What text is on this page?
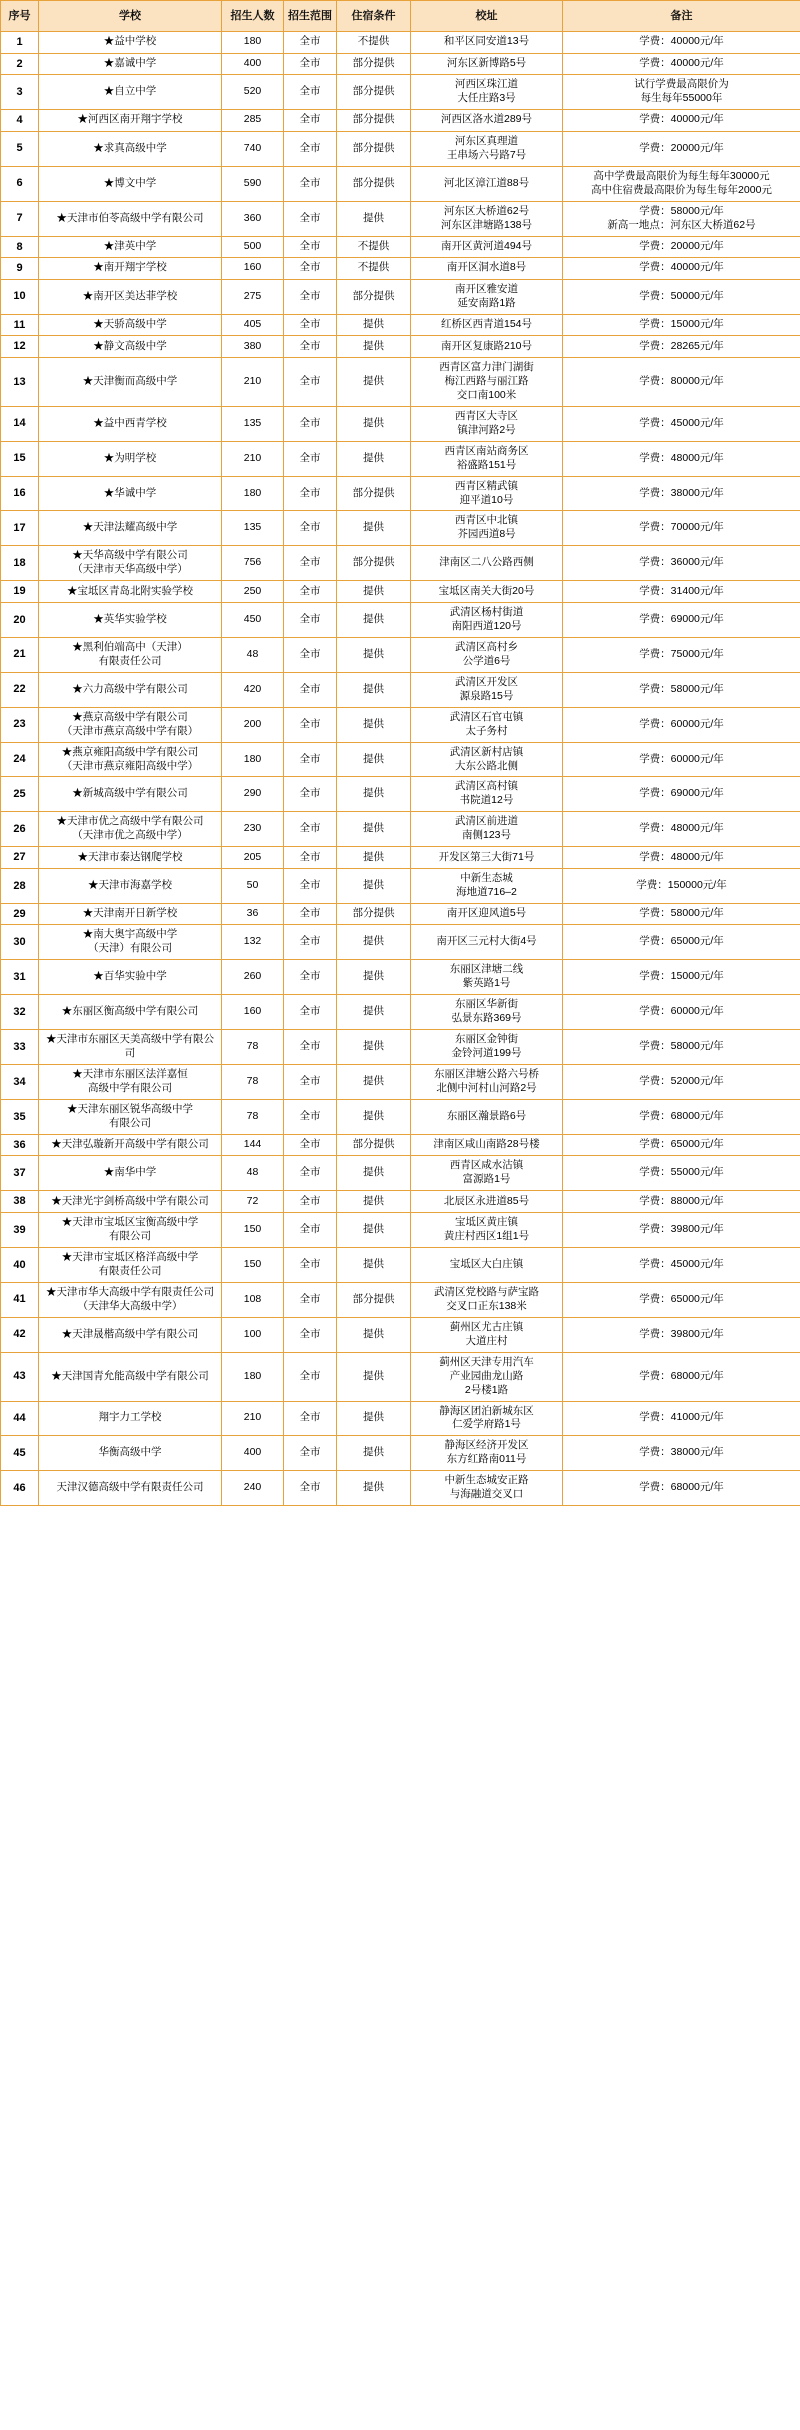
序号	学校	招生人数	招生范围	住宿条件	校址	备注
1	★益中学校	180	全市	不提供	和平区同安道13号	学费：40000元/年
2	★嘉诚中学	400	全市	部分提供	河东区新博路5号	学费：40000元/年
3	★自立中学	520	全市	部分提供	河西区珠江道
大任庄路3号	试行学费最高限价为
每生每年55000年
4	★河西区南开翔宇学校	285	全市	部分提供	河西区洛水道289号	学费：40000元/年
5	★求真高级中学	740	全市	部分提供	河东区真理道
王串场六号路7号	学费：20000元/年
6	★博文中学	590	全市	部分提供	河北区漳江道88号	高中学费最高限价为每生每年30000元
高中住宿费最高限价为每生每年2000元
7	★天津市伯苓高级中学有限公司	360	全市	提供	河东区大桥道62号
河东区津塘路138号	学费：58000元/年
新高一地点：河东区大桥道62号
8	★津英中学	500	全市	不提供	南开区黄河道494号	学费：20000元/年
9	★南开翔宇学校	160	全市	不提供	南开区洞水道8号	学费：40000元/年
10	★南开区美达菲学校	275	全市	部分提供	南开区雅安道
延安南路1路	学费：50000元/年
11	★天骄高级中学	405	全市	提供	红桥区西青道154号	学费：15000元/年
12	★静文高级中学	380	全市	提供	南开区复康路210号	学费：28265元/年
13	★天津衡而高级中学	210	全市	提供	西青区富力津门湖街
梅江西路与丽江路
交口南100米	学费：80000元/年
14	★益中西青学校	135	全市	提供	西青区大寺区
镇津河路2号	学费：45000元/年
15	★为明学校	210	全市	提供	西青区南站商务区
裕盛路151号	学费：48000元/年
16	★华诚中学	180	全市	部分提供	西青区精武镇
迎平道10号	学费：38000元/年
17	★天津法耀高级中学	135	全市	提供	西青区中北镇
芥园西道8号	学费：70000元/年
18	★天华高级中学有限公司
（天津市天华高级中学）	756	全市	部分提供	津南区二八公路西侧	学费：36000元/年
19	★宝坻区青岛北附实验学校	250	全市	提供	宝坻区南关大街20号	学费：31400元/年
20	★英华实验学校	450	全市	提供	武清区杨村街道
南阳西道120号	学费：69000元/年
21	★黑利伯端高中（天津）
有限责任公司	48	全市	提供	武清区高村乡
公学道6号	学费：75000元/年
22	★六力高级中学有限公司	420	全市	提供	武清区开发区
源泉路15号	学费：58000元/年
23	★燕京高级中学有限公司
（天津市燕京高级中学有限）	200	全市	提供	武清区石官屯镇
太子务村	学费：60000元/年
24	★燕京雍阳高级中学有限公司
（天津市燕京雍阳高级中学）	180	全市	提供	武清区新村店镇
大东公路北侧	学费：60000元/年
25	★新城高级中学有限公司	290	全市	提供	武清区高村镇
书院道12号	学费：69000元/年
26	★天津市优之高级中学有限公司
（天津市优之高级中学）	230	全市	提供	武清区前进道
南侧123号	学费：48000元/年
27	★天津市泰达钢爬学校	205	全市	提供	开发区第三大街71号	学费：48000元/年
28	★天津市海嘉学校	50	全市	提供	中新生态城
海地道716–2	学费：150000元/年
29	★天津南开日新学校	36	全市	部分提供	南开区迎风道5号	学费：58000元/年
30	★南大奥宇高级中学
（天津）有限公司	132	全市	提供	南开区三元村大街4号	学费：65000元/年
31	★百华实验中学	260	全市	提供	东丽区津塘二线
紫英路1号	学费：15000元/年
32	★东丽区衡高级中学有限公司	160	全市	提供	东丽区华新街
弘景东路369号	学费：60000元/年
33	★天津市东丽区天美高级中学有限公司	78	全市	提供	东丽区金钟街
金铃河道199号	学费：58000元/年
34	★天津市东丽区法洋嘉恒
高级中学有限公司	78	全市	提供	东丽区津塘公路六号桥
北侧中河村山河路2号	学费：52000元/年
35	★天津东丽区锐华高级中学
有限公司	78	全市	提供	东丽区瀚景路6号	学费：68000元/年
36	★天津弘璇新开高级中学有限公司	144	全市	部分提供	津南区咸山南路28号楼	学费：65000元/年
37	★南华中学	48	全市	提供	西青区咸水沽镇
富源路1号	学费：55000元/年
38	★天津光宇剑桥高级中学有限公司	72	全市	提供	北辰区永进道85号	学费：88000元/年
39	★天津市宝坻区宝衡高级中学
有限公司	150	全市	提供	宝坻区黄庄镇
黄庄村西区1组1号	学费：39800元/年
40	★天津市宝坻区格洋高级中学
有限责任公司	150	全市	提供	宝坻区大白庄镇	学费：45000元/年
41	★天津市华大高级中学有限责任公司
（天津华大高级中学）	108	全市	部分提供	武清区党校路与萨宝路
交叉口正东138米	学费：65000元/年
42	★天津晟楷高级中学有限公司	100	全市	提供	蓟州区尤古庄镇
大道庄村	学费：39800元/年
43	★天津国青允能高级中学有限公司	180	全市	提供	蓟州区天津专用汽车
产业园曲龙山路
2号楼1路	学费：68000元/年
44	翔宇力工学校	210	全市	提供	静海区团泊新城东区
仁爱学府路1号	学费：41000元/年
45	华衡高级中学	400	全市	提供	静海区经济开发区
东方红路南011号	学费：38000元/年
46	天津汉德高级中学有限责任公司	240	全市	提供	中新生态城安正路
与海融道交叉口	学费：68000元/年
